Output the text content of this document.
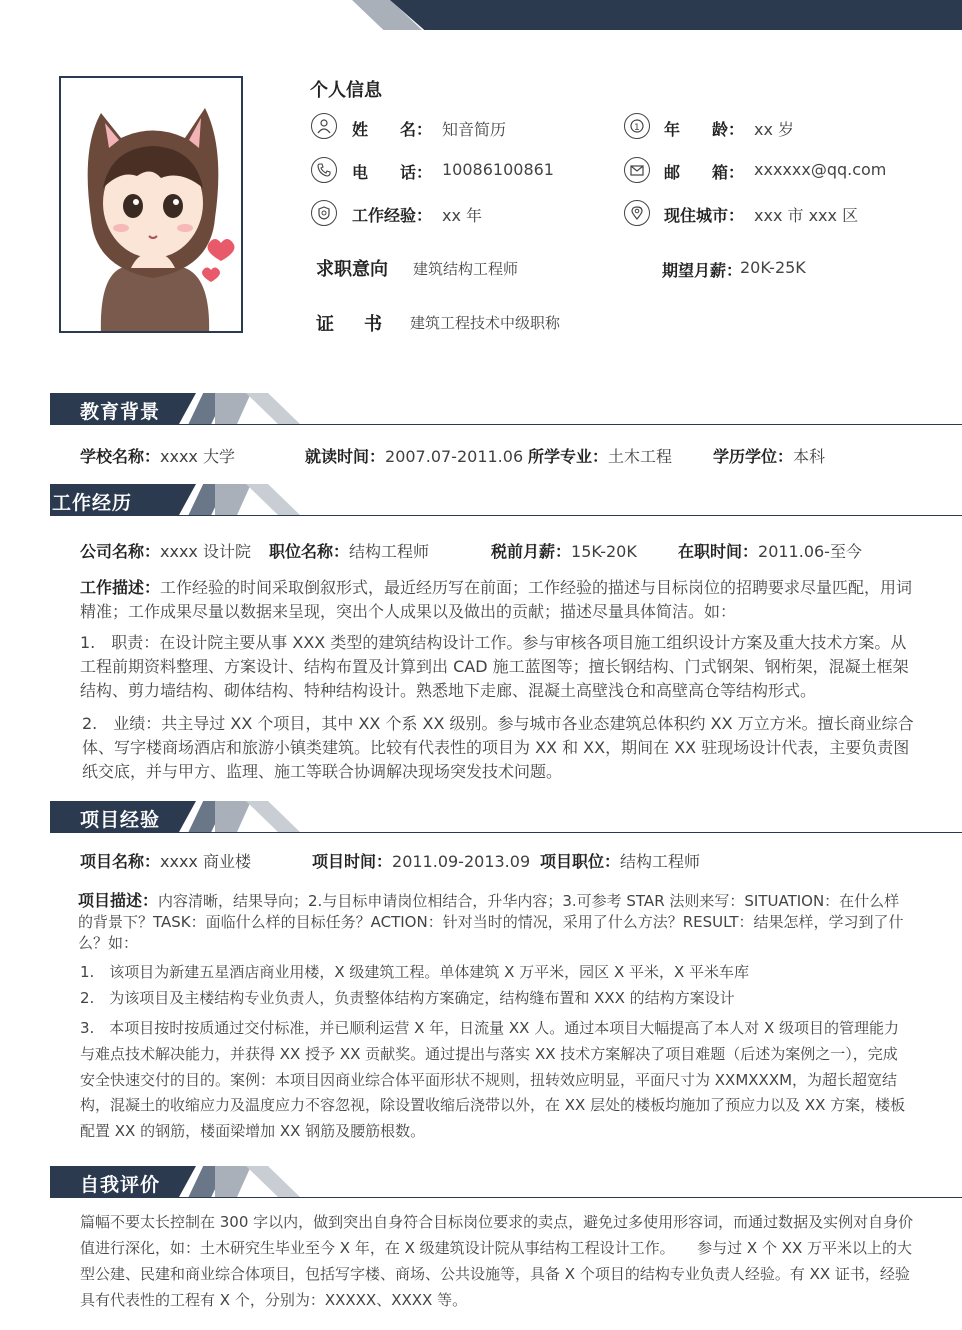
个人信息
姓　　名： 知音简历	1 年　　龄： xx 岁
电　　话： 10086100861	邮　　箱： xxxxxx@qq.com
工作经验： xx 年	现住城市： xxx 市 xxx 区
求职意向 建筑结构工程师	期望月薪：
20K-25K
证　书 建筑工程技术中级职称
教育背景
学校名称：xxxx 大学	就读时间：2007.07-2011.06 所学专业：土木工程	学历学位：本科
工作经历
公司名称：xxxx 设计院 职位名称：结构工程师	税前月薪：15K-20K	在职时间：2011.06-至今
工作描述：工作经验的时间采取倒叙形式，最近经历写在前面；工作经验的描述与目标岗位的招聘要求尽量匹配，用词精准；工作成果尽量以数据来呈现，突出个人成果以及做出的贡献；描述尽量具体简洁。如：
1.　职责：在设计院主要从事 XXX 类型的建筑结构设计工作。参与审核各项目施工组织设计方案及重大技术方案。从工程前期资料整理、方案设计、结构布置及计算到出 CAD 施工蓝图等；擅长钢结构、门式钢架、钢桁架，混凝土框架结构、剪力墙结构、砌体结构、特种结构设计。熟悉地下走廊、混凝土高壁浅仓和高壁高仓等结构形式。
2.　业绩：共主导过 XX 个项目，其中 XX 个系 XX 级别。参与城市各业态建筑总体积约 XX 万立方米。擅长商业综合体、写字楼商场酒店和旅游小镇类建筑。比较有代表性的项目为 XX 和 XX，期间在 XX 驻现场设计代表，主要负责图纸交底，并与甲方、监理、施工等联合协调解决现场突发技术问题。
项目经验
项目名称：xxxx 商业楼	项目时间：2011.09-2013.09 项目职位：结构工程师
项目描述：内容清晰，结果导向；2.与目标申请岗位相结合，升华内容；3.可参考 STAR 法则来写：SITUATION：在什么样的背景下？TASK：面临什么样的目标任务？ACTION：针对当时的情况，采用了什么方法？RESULT：结果怎样，学习到了什么？如：
1.　该项目为新建五星酒店商业用楼，X 级建筑工程。单体建筑 X 万平米，园区 X 平米，X 平米车库
2.　为该项目及主楼结构专业负责人，负责整体结构方案确定，结构缝布置和 XXX 的结构方案设计
3.　本项目按时按质通过交付标准，并已顺利运营 X 年，日流量 XX 人。通过本项目大幅提高了本人对 X 级项目的管理能力与难点技术解决能力，并获得 XX 授予 XX 贡献奖。通过提出与落实 XX 技术方案解决了项目难题（后述为案例之一），完成安全快速交付的目的。案例：本项目因商业综合体平面形状不规则，扭转效应明显，平面尺寸为 XXMXXXM，为超长超宽结构，混凝土的收缩应力及温度应力不容忽视，除设置收缩后浇带以外，在 XX 层处的楼板均施加了预应力以及 XX 方案，楼板配置 XX 的钢筋，楼面梁增加 XX 钢筋及腰筋根数。
自我评价
篇幅不要太长控制在 300 字以内，做到突出自身符合目标岗位要求的卖点，避免过多使用形容词，而通过数据及实例对自身价值进行深化，如：土木研究生毕业至今 X 年，在 X 级建筑设计院从事结构工程设计工作。　　参与过 X 个 XX 万平米以上的大型公建、民建和商业综合体项目，包括写字楼、商场、公共设施等，具备 X 个项目的结构专业负责人经验。有 XX 证书，经验具有代表性的工程有 X 个，分别为：XXXXX、XXXX 等。
